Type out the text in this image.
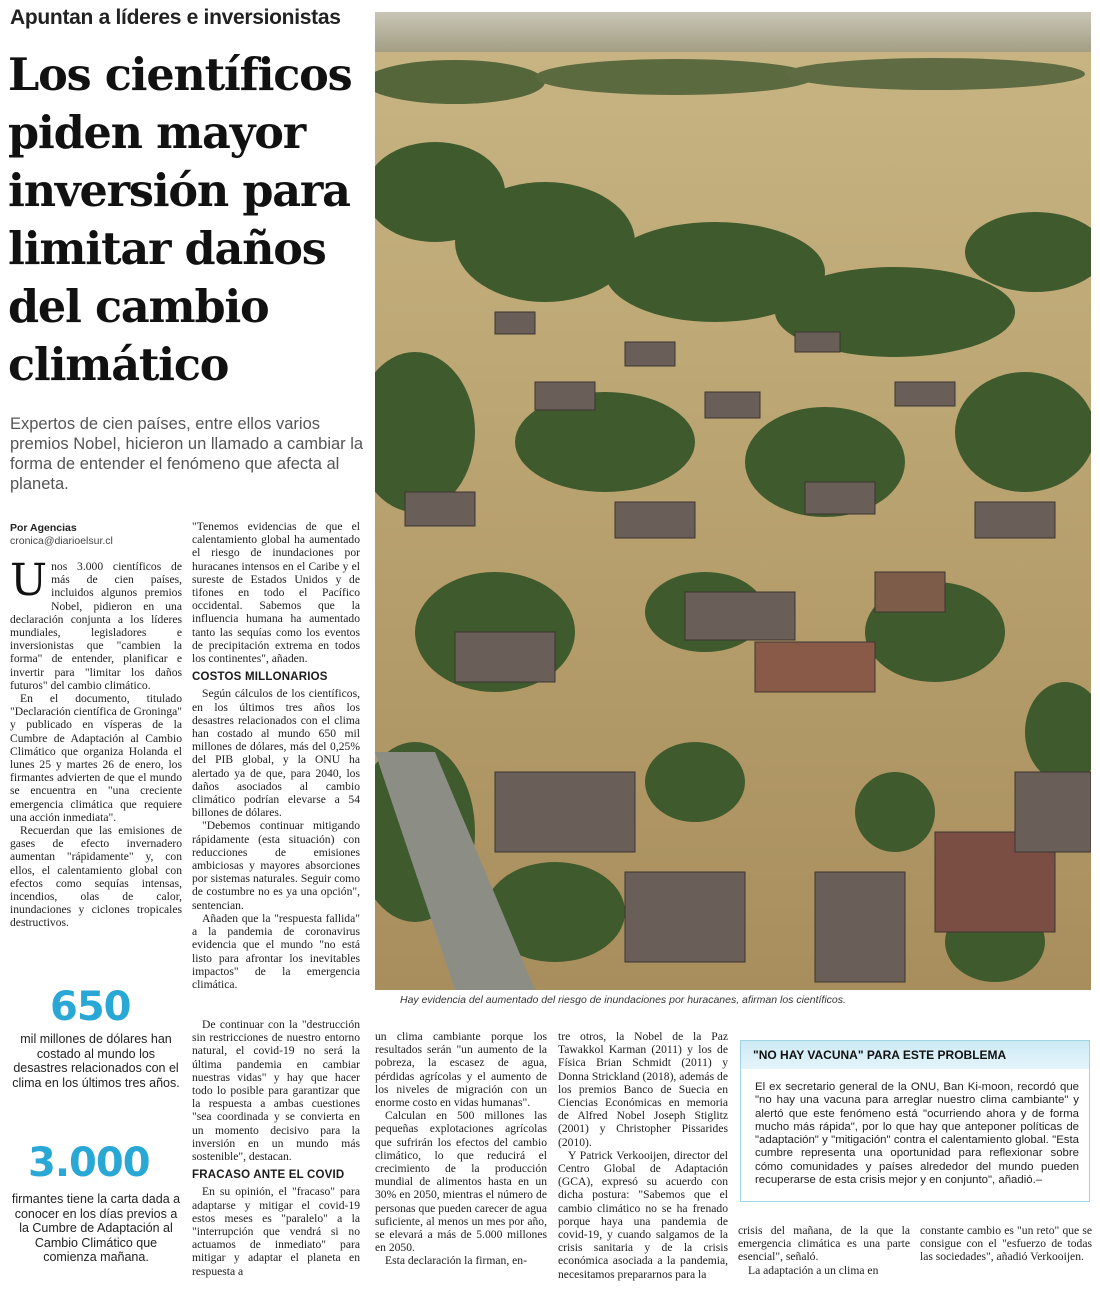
Apuntan a líderes e inversionistas
Los científicos piden mayor inversión para limitar daños del cambio climático
Expertos de cien países, entre ellos varios premios Nobel, hicieron un llamado a cambiar la forma de entender el fenómeno que afecta al planeta.
Por Agencias
cronica@diarioelsur.cl

Unos 3.000 científicos de más de cien países, incluidos algunos premios Nobel, pidieron en una declaración conjunta a los líderes mundiales, legisladores e inversionistas que "cambien la forma" de entender, planificar e invertir para "limitar los daños futuros" del cambio climático.

En el documento, titulado "Declaración científica de Groninga" y publicado en vísperas de la Cumbre de Adaptación al Cambio Climático que organiza Holanda el lunes 25 y martes 26 de enero, los firmantes advierten de que el mundo se encuentra en "una creciente emergencia climática que requiere una acción inmediata".

Recuerdan que las emisiones de gases de efecto invernadero aumentan "rápidamente" y, con ellos, el calentamiento global con efectos como sequías intensas, incendios, olas de calor, inundaciones y ciclones tropicales destructivos.

"Tenemos evidencias de que el calentamiento global ha aumentado el riesgo de inundaciones por huracanes intensos en el Caribe y el sureste de Estados Unidos y de tifones en todo el Pacífico occidental. Sabemos que la influencia humana ha aumentado tanto las sequías como los eventos de precipitación extrema en todos los continentes", añaden.

COSTOS MILLONARIOS

Según cálculos de los científicos, en los últimos tres años los desastres relacionados con el clima han costado al mundo 650 mil millones de dólares, más del 0,25% del PIB global, y la ONU ha alertado ya de que, para 2040, los daños asociados al cambio climático podrían elevarse a 54 billones de dólares.

"Debemos continuar mitigando rápidamente (esta situación) con reducciones de emisiones ambiciosas y mayores absorciones por sistemas naturales. Seguir como de costumbre no es ya una opción", sentencian.

Añaden que la "respuesta fallida" a la pandemia de coronavirus evidencia que el mundo "no está listo para afrontar los inevitables impactos" de la emergencia climática.

De continuar con la "destrucción sin restricciones de nuestro entorno natural, el covid-19 no será la última pandemia en cambiar nuestras vidas" y hay que hacer todo lo posible para garantizar que la respuesta a ambas cuestiones "sea coordinada y se convierta en un momento decisivo para la inversión en un mundo más sostenible", destacan.

FRACASO ANTE EL COVID

En su opinión, el "fracaso" para adaptarse y mitigar el covid-19 estos meses es "paralelo" a la "interrupción que vendrá si no actuamos de inmediato" para mitigar y adaptar el planeta en respuesta a

un clima cambiante porque los resultados serán "un aumento de la pobreza, la escasez de agua, pérdidas agrícolas y el aumento de los niveles de migración con un enorme costo en vidas humanas".

Calculan en 500 millones las pequeñas explotaciones agrícolas que sufrirán los efectos del cambio climático, lo que reducirá el crecimiento de la producción mundial de alimentos hasta en un 30% en 2050, mientras el número de personas que pueden carecer de agua suficiente, al menos un mes por año, se elevará a más de 5.000 millones en 2050.

Esta declaración la firman, en-

tre otros, la Nobel de la Paz Tawakkol Karman (2011) y los de Física Brian Schmidt (2011) y Donna Strickland (2018), además de los premios Banco de Suecia en Ciencias Económicas en memoria de Alfred Nobel Joseph Stiglitz (2001) y Christopher Pissarides (2010).

Y Patrick Verkooijen, director del Centro Global de Adaptación (GCA), expresó su acuerdo con dicha postura: "Sabemos que el cambio climático no se ha frenado porque haya una pandemia de covid-19, y cuando salgamos de la crisis sanitaria y de la crisis económica asociada a la pandemia, necesitamos prepararnos para la

crisis del mañana, de la que la emergencia climática es una parte esencial", señaló.

La adaptación a un clima en

constante cambio es "un reto" que se consigue con el "esfuerzo de todas las sociedades", añadió Verkooijen.

650
mil millones de dólares han costado al mundo los desastres relacionados con el clima en los últimos tres años.
3.000
firmantes tiene la carta dada a conocer en los días previos a la Cumbre de Adaptación al Cambio Climático que comienza mañana.
Hay evidencia del aumentado del riesgo de inundaciones por huracanes, afirman los científicos.
"NO HAY VACUNA" PARA ESTE PROBLEMA
El ex secretario general de la ONU, Ban Ki-moon, recordó que "no hay una vacuna para arreglar nuestro clima cambiante" y alertó que este fenómeno está "ocurriendo ahora y de forma mucho más rápida", por lo que hay que anteponer políticas de "adaptación" y "mitigación" contra el calentamiento global. "Esta cumbre representa una oportunidad para reflexionar sobre cómo comunidades y países alrededor del mundo pueden recuperarse de esta crisis mejor y en conjunto", añadió.–
